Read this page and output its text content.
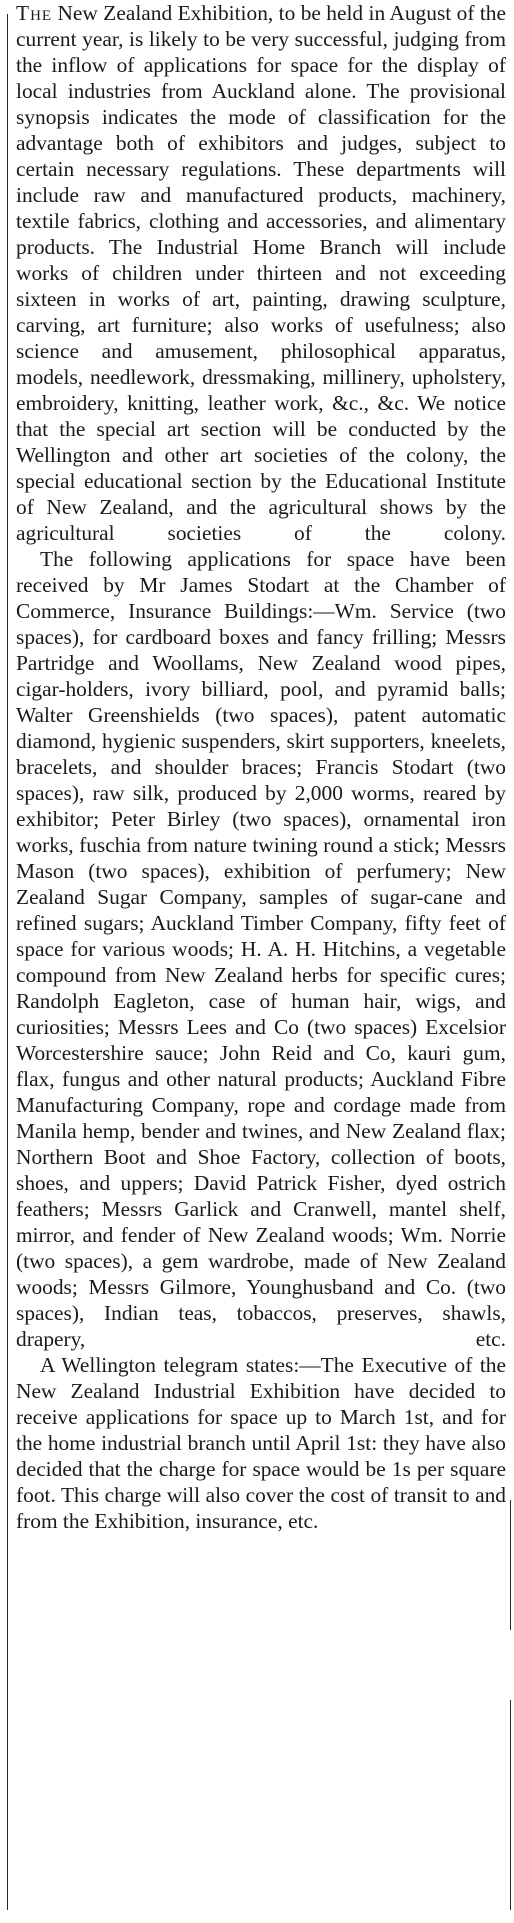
The New Zealand Exhibition, to be held in August of the current year, is likely to be very successful, judging from the inflow of applications for space for the display of local industries from Auckland alone. The provisional synopsis indicates the mode of classification for the advantage both of exhibitors and judges, subject to certain necessary regulations. These departments will include raw and manufactured products, machinery, textile fabrics, clothing and accessories, and alimentary products. The Industrial Home Branch will include works of children under thirteen and not exceeding sixteen in works of art, painting, drawing sculpture, carving, art furniture; also works of usefulness; also science and amusement, philosophical apparatus, models, needlework, dressmaking, millinery, upholstery, embroidery, knitting, leather work, &c., &c. We notice that the special art section will be conducted by the Wellington and other art societies of the colony, the special educational section by the Educational Institute of New Zealand, and the agricultural shows by the agricultural societies of the colony.

The following applications for space have been received by Mr James Stodart at the Chamber of Commerce, Insurance Buildings:—Wm. Service (two spaces), for cardboard boxes and fancy frilling; Messrs Partridge and Woollams, New Zealand wood pipes, cigar-holders, ivory billiard, pool, and pyramid balls; Walter Greenshields (two spaces), patent automatic diamond, hygienic suspenders, skirt supporters, kneelets, bracelets, and shoulder braces; Francis Stodart (two spaces), raw silk, produced by 2,000 worms, reared by exhibitor; Peter Birley (two spaces), ornamental iron works, fuschia from nature twining round a stick; Messrs Mason (two spaces), exhibition of perfumery; New Zealand Sugar Company, samples of sugar-cane and refined sugars; Auckland Timber Company, fifty feet of space for various woods; H. A. H. Hitchins, a vegetable compound from New Zealand herbs for specific cures; Randolph Eagleton, case of human hair, wigs, and curiosities; Messrs Lees and Co (two spaces) Excelsior Worcestershire sauce; John Reid and Co, kauri gum, flax, fungus and other natural products; Auckland Fibre Manufacturing Company, rope and cordage made from Manila hemp, bender and twines, and New Zealand flax; Northern Boot and Shoe Factory, collection of boots, shoes, and uppers; David Patrick Fisher, dyed ostrich feathers; Messrs Garlick and Cranwell, mantel shelf, mirror, and fender of New Zealand woods; Wm. Norrie (two spaces), a gem wardrobe, made of New Zealand woods; Messrs Gilmore, Younghusband and Co. (two spaces), Indian teas, tobaccos, preserves, shawls, drapery, etc.

A Wellington telegram states:—The Executive of the New Zealand Industrial Exhibition have decided to receive applications for space up to March 1st, and for the home industrial branch until April 1st: they have also decided that the charge for space would be 1s per square foot. This charge will also cover the cost of transit to and from the Exhibition, insurance, etc.
